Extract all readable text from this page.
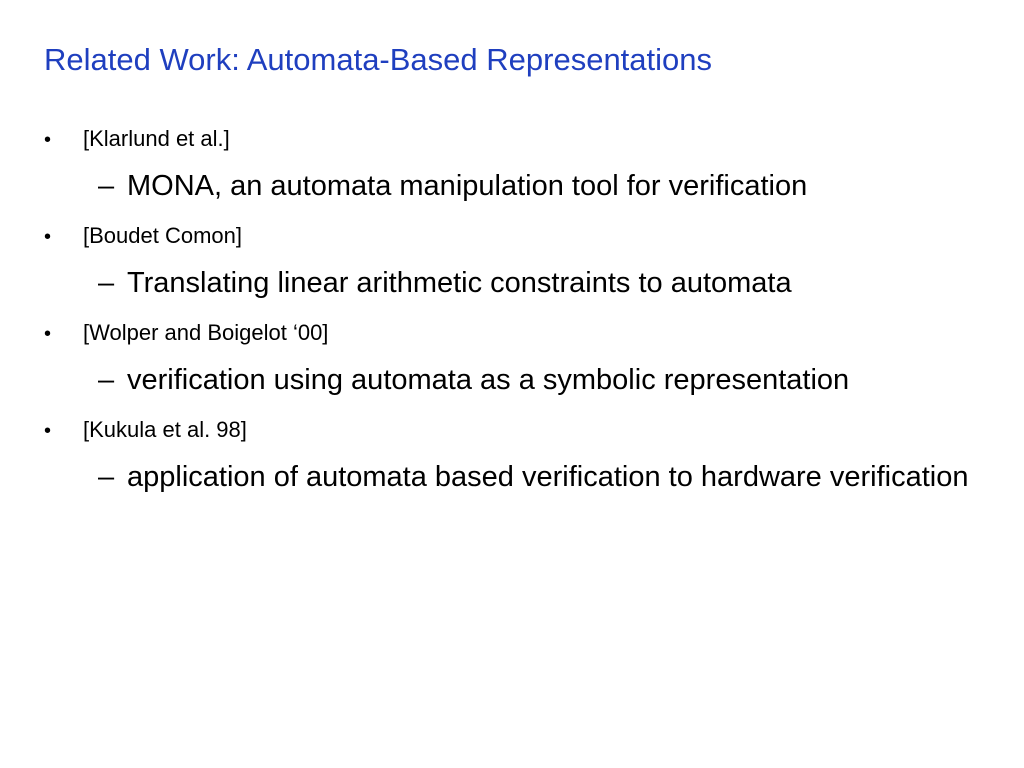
Related Work: Automata-Based Representations
•	[Klarlund et al.]
– MONA, an automata manipulation tool for verification
•	[Boudet Comon]
– Translating linear arithmetic constraints to automata
•	[Wolper and Boigelot ‘00]
– verification using automata as a symbolic representation
•	[Kukula et al. 98]
– application of automata based verification to hardware verification
